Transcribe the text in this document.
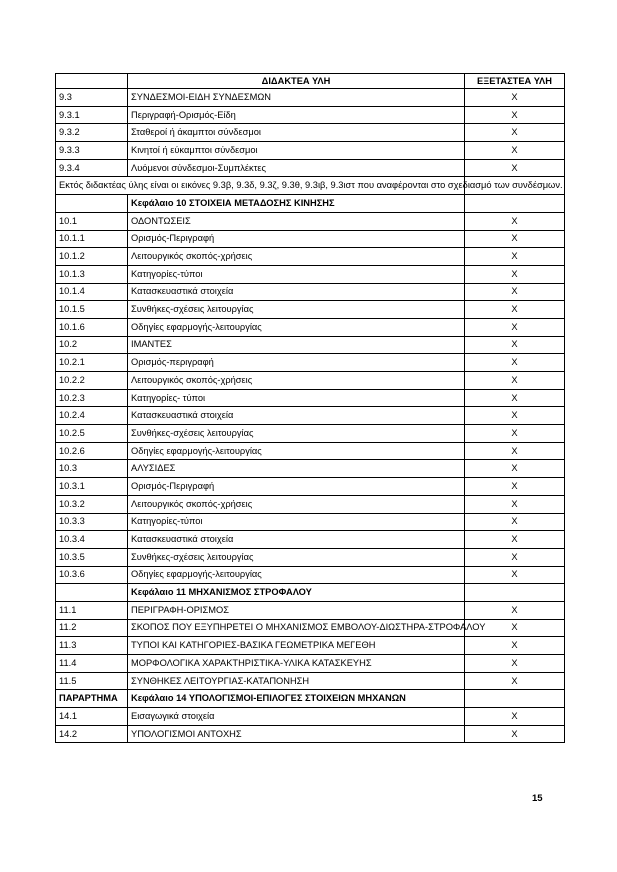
	ΔΙΔΑΚΤΕΑ ΥΛΗ	ΕΞΕΤΑΣΤΕΑ ΥΛΗ
9.3	ΣΥΝΔΕΣΜΟΙ-ΕΙΔΗ ΣΥΝΔΕΣΜΩΝ	Χ
9.3.1	Περιγραφή-Ορισμός-Είδη	Χ
9.3.2	Σταθεροί ή άκαμπτοι σύνδεσμοι	Χ
9.3.3	Κινητοί ή εύκαμπτοι σύνδεσμοι	Χ
9.3.4	Λυόμενοι σύνδεσμοι-Συμπλέκτες	Χ
Εκτός διδακτέας ύλης είναι οι εικόνες 9.3β, 9.3δ, 9.3ζ, 9.3θ, 9.3ιβ, 9.3ιστ που αναφέρονται στο σχεδιασμό των συνδέσμων.		
	Κεφάλαιο 10 ΣΤΟΙΧΕΙΑ ΜΕΤΑΔΟΣΗΣ ΚΙΝΗΣΗΣ	
10.1	ΟΔΟΝΤΩΣΕΙΣ	Χ
10.1.1	Ορισμός-Περιγραφή	Χ
10.1.2	Λειτουργικός σκοπός-χρήσεις	Χ
10.1.3	Κατηγορίες-τύποι	Χ
10.1.4	Κατασκευαστικά στοιχεία	Χ
10.1.5	Συνθήκες-σχέσεις λειτουργίας	Χ
10.1.6	Οδηγίες εφαρμογής-λειτουργίας	Χ
10.2	ΙΜΑΝΤΕΣ	Χ
10.2.1	Ορισμός-περιγραφή	Χ
10.2.2	Λειτουργικός σκοπός-χρήσεις	Χ
10.2.3	Κατηγορίες- τύποι	Χ
10.2.4	Κατασκευαστικά στοιχεία	Χ
10.2.5	Συνθήκες-σχέσεις λειτουργίας	Χ
10.2.6	Οδηγίες εφαρμογής-λειτουργίας	Χ
10.3	ΑΛΥΣΙΔΕΣ	Χ
10.3.1	Ορισμός-Περιγραφή	Χ
10.3.2	Λειτουργικός σκοπός-χρήσεις	Χ
10.3.3	Κατηγορίες-τύποι	Χ
10.3.4	Κατασκευαστικά στοιχεία	Χ
10.3.5	Συνθήκες-σχέσεις λειτουργίας	Χ
10.3.6	Οδηγίες εφαρμογής-λειτουργίας	Χ
	Κεφάλαιο 11 ΜΗΧΑΝΙΣΜΟΣ ΣΤΡΟΦΑΛΟΥ	
11.1	ΠΕΡΙΓΡΑΦΗ-ΟΡΙΣΜΟΣ	Χ
11.2	ΣΚΟΠΟΣ ΠΟΥ ΕΞΥΠΗΡΕΤΕΙ Ο ΜΗΧΑΝΙΣΜΟΣ ΕΜΒΟΛΟΥ-ΔΙΩΣΤΗΡΑ-ΣΤΡΟΦΑΛΟΥ	Χ
11.3	ΤΥΠΟΙ ΚΑΙ ΚΑΤΗΓΟΡΙΕΣ-ΒΑΣΙΚΑ ΓΕΩΜΕΤΡΙΚΑ ΜΕΓΕΘΗ	Χ
11.4	ΜΟΡΦΟΛΟΓΙΚΑ ΧΑΡΑΚΤΗΡΙΣΤΙΚΑ-ΥΛΙΚΑ ΚΑΤΑΣΚΕΥΗΣ	Χ
11.5	ΣΥΝΘΗΚΕΣ ΛΕΙΤΟΥΡΓΙΑΣ-ΚΑΤΑΠΟΝΗΣΗ	Χ
ΠΑΡΑΡΤΗΜΑ	Κεφάλαιο 14 ΥΠΟΛΟΓΙΣΜΟΙ-ΕΠΙΛΟΓΕΣ ΣΤΟΙΧΕΙΩΝ ΜΗΧΑΝΩΝ	
14.1	Εισαγωγικά στοιχεία	Χ
14.2	ΥΠΟΛΟΓΙΣΜΟΙ ΑΝΤΟΧΗΣ	Χ
15
